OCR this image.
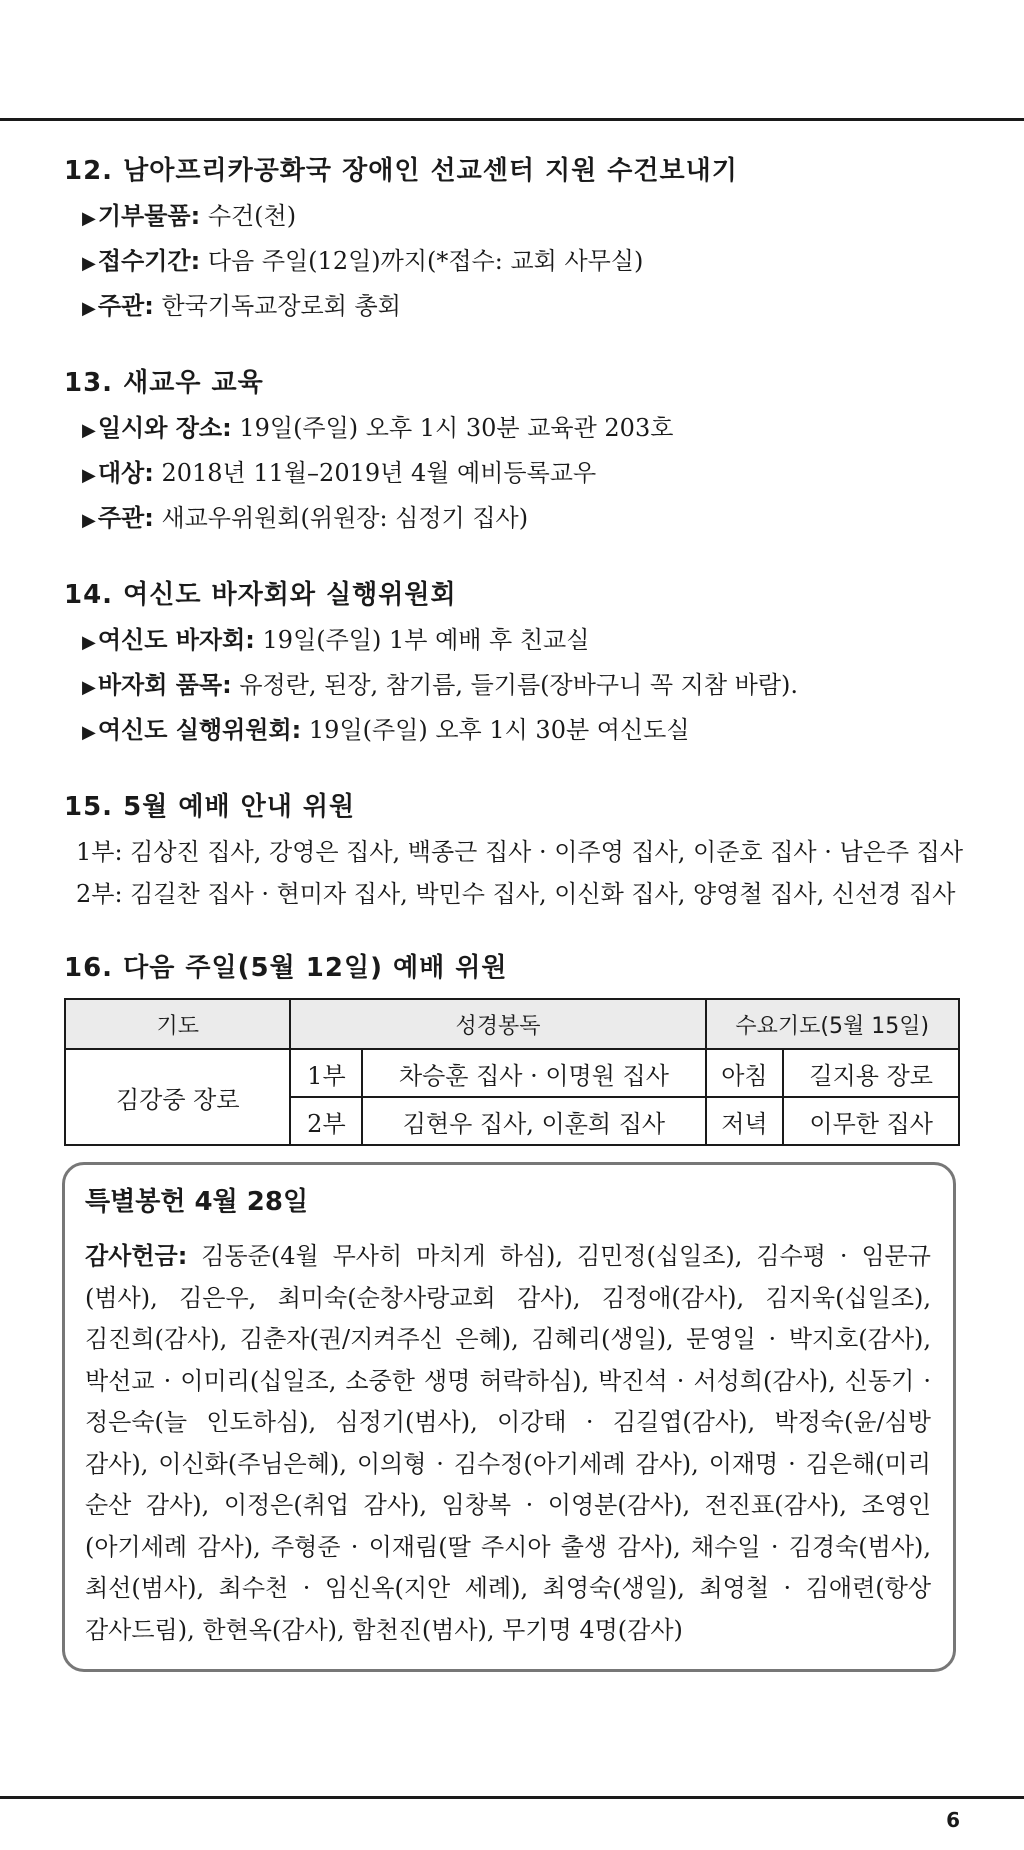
12. 남아프리카공화국 장애인 선교센터 지원 수건보내기
▶기부물품: 수건(천)
▶접수기간: 다음 주일(12일)까지(*접수: 교회 사무실)
▶주관: 한국기독교장로회 총회
13. 새교우 교육
▶일시와 장소: 19일(주일) 오후 1시 30분 교육관 203호
▶대상: 2018년 11월–2019년 4월 예비등록교우
▶주관: 새교우위원회(위원장: 심정기 집사)
14. 여신도 바자회와 실행위원회
▶여신도 바자회: 19일(주일) 1부 예배 후 친교실
▶바자회 품목: 유정란, 된장, 참기름, 들기름(장바구니 꼭 지참 바람).
▶여신도 실행위원회: 19일(주일) 오후 1시 30분 여신도실
15. 5월 예배 안내 위원
1부: 김상진 집사, 강영은 집사, 백종근 집사 · 이주영 집사, 이준호 집사 · 남은주 집사
2부: 김길찬 집사 · 현미자 집사, 박민수 집사, 이신화 집사, 양영철 집사, 신선경 집사
16. 다음 주일(5월 12일) 예배 위원
기도	성경봉독		수요기도(5월 15일)	
김강중 장로	1부	차승훈 집사 · 이명원 집사	아침	길지용 장로
	2부	김현우 집사, 이훈희 집사	저녁	이무한 집사
특별봉헌 4월 28일
감사헌금: 김동준(4월 무사히 마치게 하심), 김민정(십일조), 김수평 · 임문규(범사), 김은우, 최미숙(순창사랑교회 감사), 김정애(감사), 김지욱(십일조), 김진희(감사), 김춘자(권/지켜주신 은혜), 김혜리(생일), 문영일 · 박지호(감사), 박선교 · 이미리(십일조, 소중한 생명 허락하심), 박진석 · 서성희(감사), 신동기 · 정은숙(늘 인도하심), 심정기(범사), 이강태 · 김길엽(감사), 박정숙(윤/심방 감사), 이신화(주님은혜), 이의형 · 김수정(아기세례 감사), 이재명 · 김은해(미리 순산 감사), 이정은(취업 감사), 임창복 · 이영분(감사), 전진표(감사), 조영인(아기세례 감사), 주형준 · 이재림(딸 주시아 출생 감사), 채수일 · 김경숙(범사), 최선(범사), 최수천 · 임신옥(지안 세례), 최영숙(생일), 최영철 · 김애련(항상 감사드림), 한현옥(감사), 함천진(범사), 무기명 4명(감사)
6
